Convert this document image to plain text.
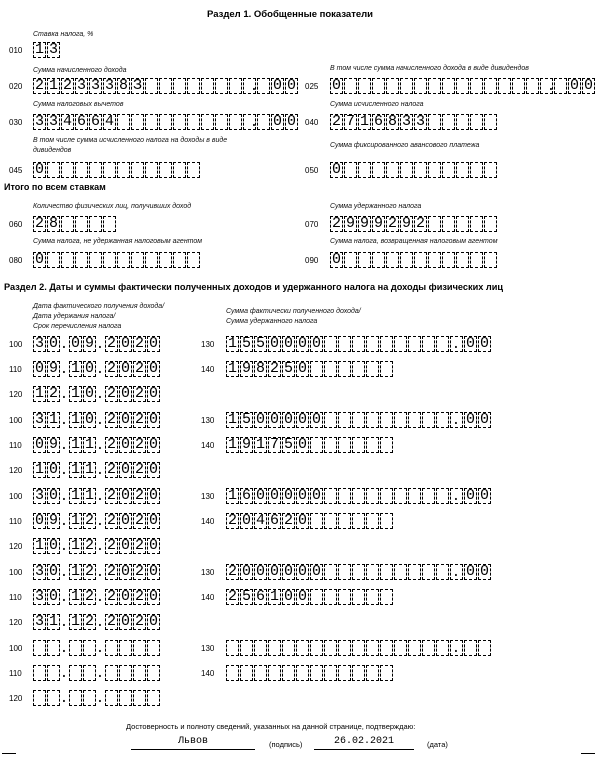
Раздел 1. Обобщенные показатели
Ставка налога, %
010 1 3
Сумма начисленного дохода
020 2 1 2 3 3 3 8 З	. 0 0
В том числе сумма начисленного дохода в виде дивидендов
025 0	. 0 0
Сумма налоговых вычетов
030 3 3 4 6 6 4	. 0 0
Сумма исчисленного налога
040 2 7 1 6 8 3 3
В том числе сумма исчисленного налога на доходы в виде
дивидендов
045 0
Сумма фиксированного авансового платежа
050 0
Итого по всем ставкам
Количество физических лиц, получивших доход
060 2 8
Сумма удержанного налога
070 2 9 9 9 2 9 2
Сумма налога, не удержанная налоговым агентом
080 0
Сумма налога, возвращенная налоговым агентом
090 0
Раздел 2. Даты и суммы фактически полученных доходов и удержанного налога на доходы физических лиц
Дата фактического получения дохода/
Дата удержания налога/
Срок перечисления налога
Сумма фактически полученного дохода/
Сумма удержанного налога
100 3 0 . 0 9 . 2 0 2 0
110 0 9 . 1 0 . 2 0 2 0
120 1 2 . 1 0 . 2 0 2 0
130 1 5 5 0 0 0 0	. 0 0
140 1 9 8 2 5 0
100 3 1 . 1 0 . 2 0 2 0
110 0 9 . 1 1 . 2 0 2 0
120 1 0 . 1 1 . 2 0 2 0
130 1 5 0 0 0 0 0	. 0 0
140 1 9 1 7 5 0
100 3 0 . 1 1 . 2 0 2 0
110 0 9 . 1 2 . 2 0 2 0
120 1 0 . 1 2 . 2 0 2 0
130 1 6 0 0 0 0 0	. 0 0
140 2 0 4 6 2 0
100 3 0 . 1 2 . 2 0 2 0
110 3 0 . 1 2 . 2 0 2 0
120 3 1 . 1 2 . 2 0 2 0
130 2 0 0 0 0 0 0	. 0 0
140 2 5 6 1 0 0
100	. .
110	. .
120	. .
130	.
140
Достоверность и полноту сведений, указанных на данной странице, подтверждаю:
Львов	(подпись)	26.02.2021	(дата)
